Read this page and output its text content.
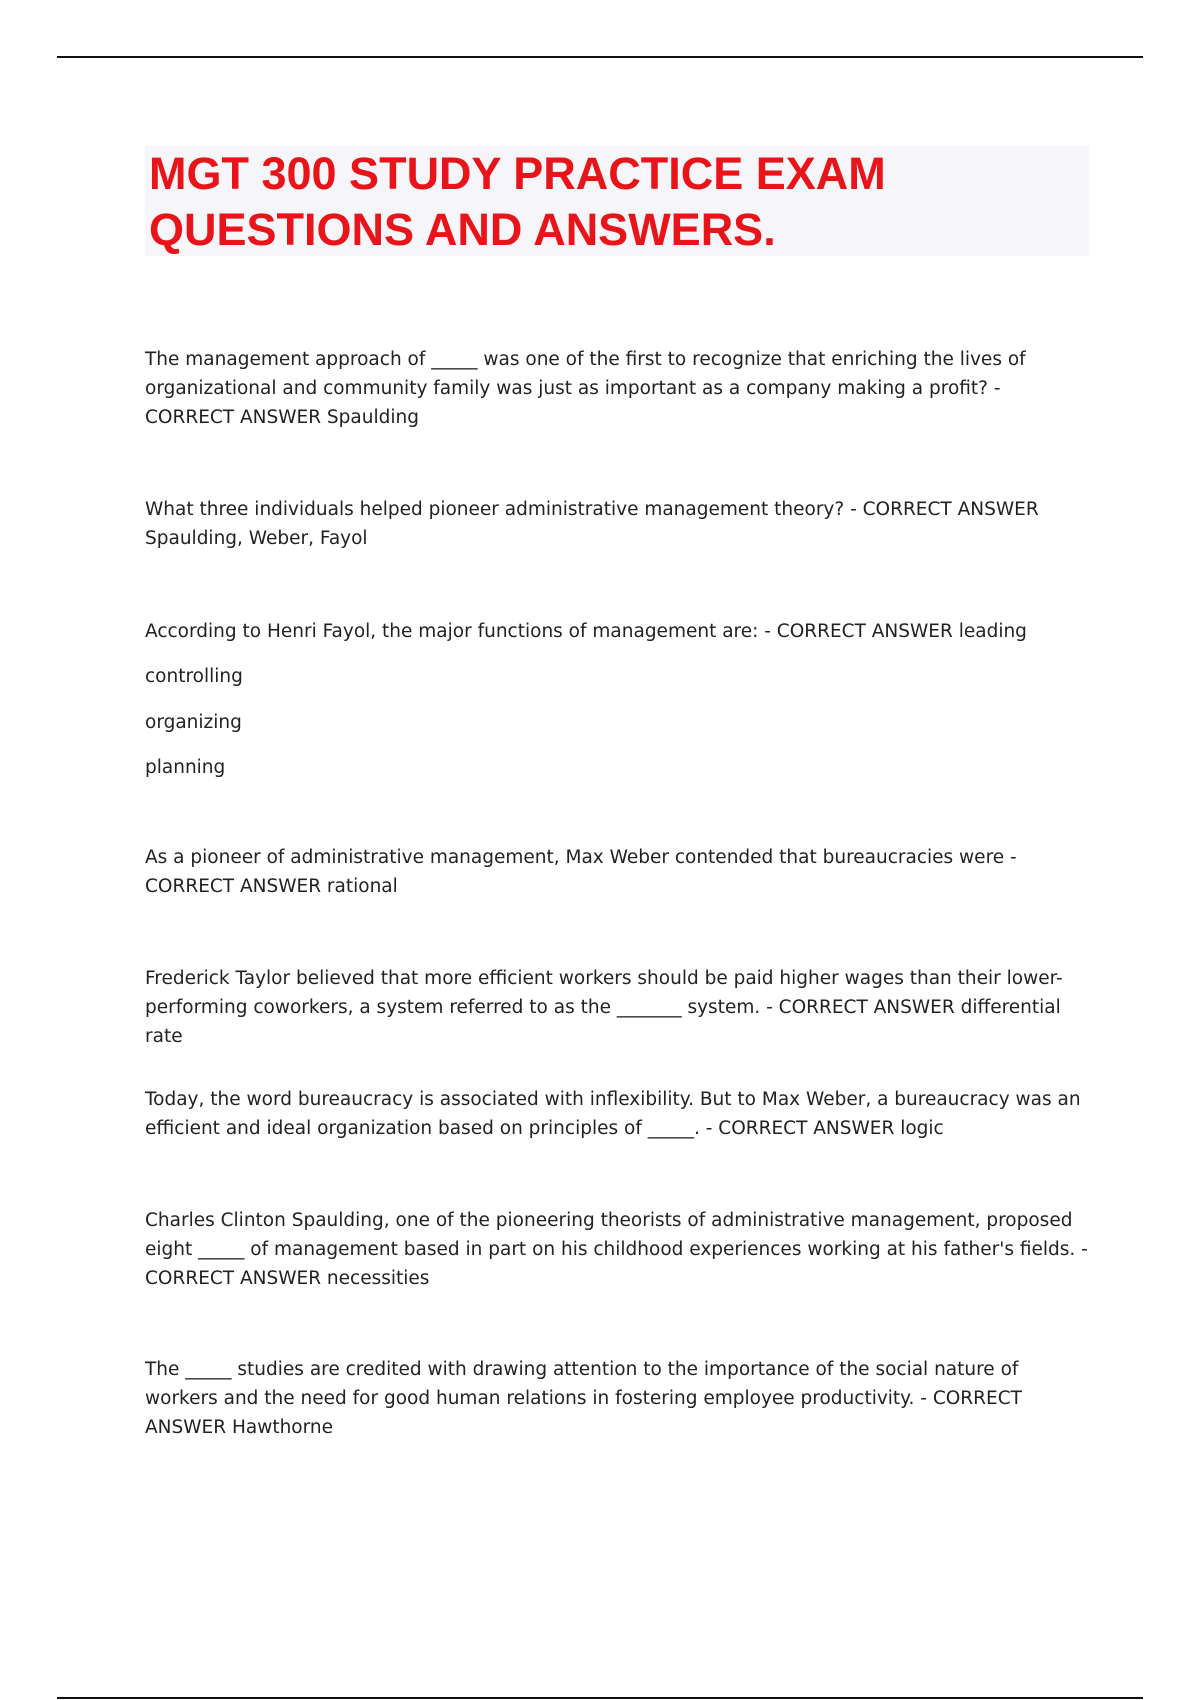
MGT 300 STUDY PRACTICE EXAM
QUESTIONS AND ANSWERS.

The management approach of _____ was one of the first to recognize that enriching the lives of organizational and community family was just as important as a company making a profit? - CORRECT ANSWER Spaulding

What three individuals helped pioneer administrative management theory? - CORRECT ANSWER Spaulding, Weber, Fayol

According to Henri Fayol, the major functions of management are: - CORRECT ANSWER leading

controlling

organizing

planning

As a pioneer of administrative management, Max Weber contended that bureaucracies were - CORRECT ANSWER rational

Frederick Taylor believed that more efficient workers should be paid higher wages than their lower-performing coworkers, a system referred to as the _______ system. - CORRECT ANSWER differential rate

Today, the word bureaucracy is associated with inflexibility. But to Max Weber, a bureaucracy was an efficient and ideal organization based on principles of _____. - CORRECT ANSWER logic

Charles Clinton Spaulding, one of the pioneering theorists of administrative management, proposed eight _____ of management based in part on his childhood experiences working at his father's fields. - CORRECT ANSWER necessities

The _____ studies are credited with drawing attention to the importance of the social nature of workers and the need for good human relations in fostering employee productivity. - CORRECT ANSWER Hawthorne
